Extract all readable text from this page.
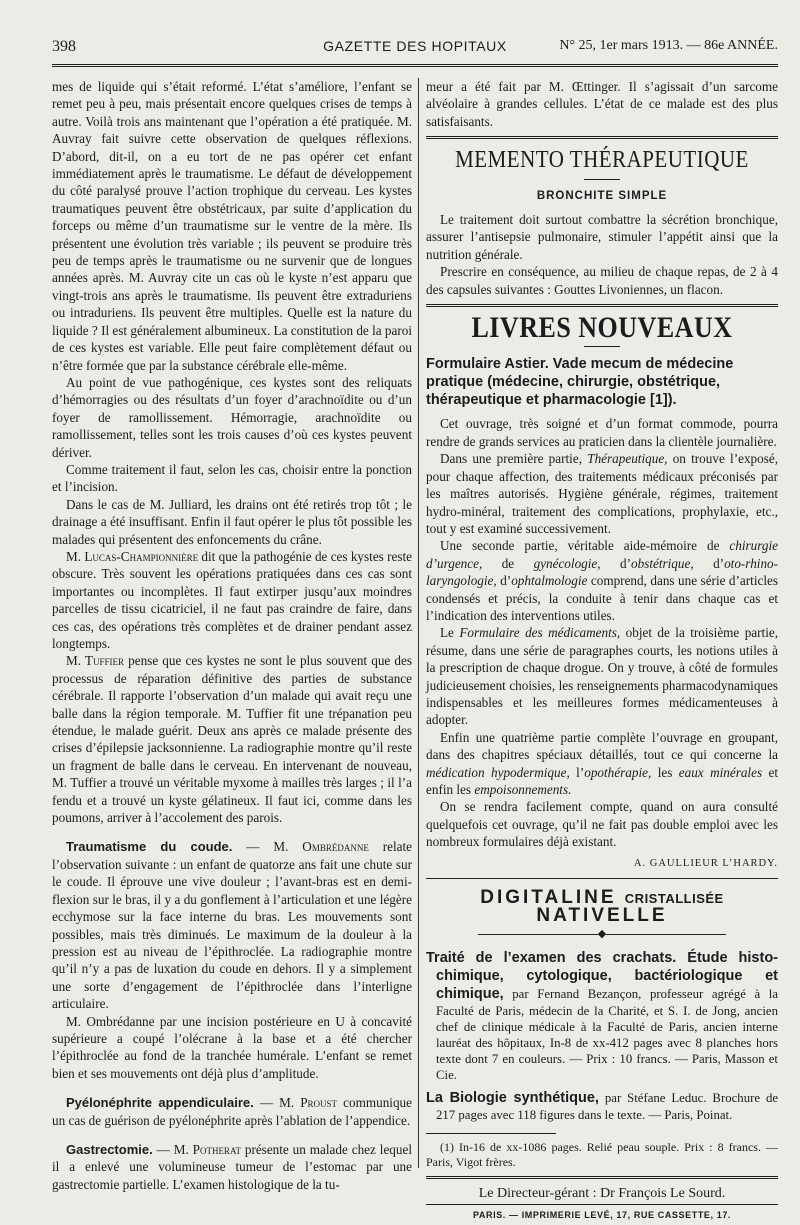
398	GAZETTE DES HOPITAUX	N° 25, 1er mars 1913. — 86e ANNÉE.

mes de liquide qui s’était reformé. L’état s’améliore, l’enfant se remet peu à peu, mais présentait encore quelques crises de temps à autre. Voilà trois ans maintenant que l’opération a été pratiquée. M. Auvray fait suivre cette observation de quelques réflexions. D’abord, dit-il, on a eu tort de ne pas opérer cet enfant immédiatement après le traumatisme. Le défaut de développement du côté paralysé prouve l’action trophique du cerveau. Les kystes traumatiques peuvent être obstétricaux, par suite d’application du forceps ou même d’un traumatisme sur le ventre de la mère. Ils présentent une évolution très variable ; ils peuvent se produire très peu de temps après le traumatisme ou ne survenir que de longues années après. M. Auvray cite un cas où le kyste n’est apparu que vingt-trois ans après le traumatisme. Ils peuvent être extraduriens ou intraduriens. Ils peuvent être multiples. Quelle est la nature du liquide ? Il est généralement albumineux. La constitution de la paroi de ces kystes est variable. Elle peut faire complètement défaut ou n’être formée que par la substance cérébrale elle-même.

Au point de vue pathogénique, ces kystes sont des reliquats d’hémorragies ou des résultats d’un foyer d’arachnoïdite ou d’un foyer de ramollissement. Hémorragie, arachnoïdite ou ramollissement, telles sont les trois causes d’où ces kystes peuvent dériver.

Comme traitement il faut, selon les cas, choisir entre la ponction et l’incision.

Dans le cas de M. Julliard, les drains ont été retirés trop tôt ; le drainage a été insuffisant. Enfin il faut opérer le plus tôt possible les malades qui présentent des enfoncements du crâne.

M. Lucas-Championnière dit que la pathogénie de ces kystes reste obscure. Très souvent les opérations pratiquées dans ces cas sont importantes ou incomplètes. Il faut extirper jusqu’aux moindres parcelles de tissu cicatriciel, il ne faut pas craindre de faire, dans ces cas, des opérations très complètes et de drainer pendant assez longtemps.

M. Tuffier pense que ces kystes ne sont le plus souvent que des processus de réparation définitive des parties de substance cérébrale. Il rapporte l’observation d’un malade qui avait reçu une balle dans la région temporale. M. Tuffier fit une trépanation peu étendue, le malade guérit. Deux ans après ce malade présente des crises d’épilepsie jacksonnienne. La radiographie montre qu’il reste un fragment de balle dans le cerveau. En intervenant de nouveau, M. Tuffier a trouvé un véritable myxome à mailles très larges ; il l’a fendu et a trouvé un kyste gélatineux. Il faut ici, comme dans les poumons, arriver à l’accolement des parois.

Traumatisme du coude. — M. Ombrédanne relate l’observation suivante : un enfant de quatorze ans fait une chute sur le coude. Il éprouve une vive douleur ; l’avant-bras est en demi-flexion sur le bras, il y a du gonflement à l’articulation et une légère ecchymose sur la face interne du bras. Les mouvements sont possibles, mais très diminués. Le maximum de la douleur à la pression est au niveau de l’épithroclée. La radiographie montre qu’il n’y a pas de luxation du coude en dehors. Il y a simplement une sorte d’engagement de l’épithroclée dans l’interligne articulaire.

M. Ombrédanne par une incision postérieure en U à concavité supérieure a coupé l’olécrane à la base et a été chercher l’épithroclée au fond de la tranchée humérale. L’enfant se remet bien et ses mouvements ont déjà plus d’amplitude.

Pyélonéphrite appendiculaire. — M. Proust communique un cas de guérison de pyélonéphrite après l’ablation de l’appendice.

Gastrectomie. — M. Potherat présente un malade chez lequel il a enlevé une volumineuse tumeur de l’estomac par une gastrectomie partielle. L’examen histologique de la tu-

meur a été fait par M. Œttinger. Il s’agissait d’un sarcome alvéolaire à grandes cellules. L’état de ce malade est des plus satisfaisants.

MEMENTO THÉRAPEUTIQUE
BRONCHITE SIMPLE

Le traitement doit surtout combattre la sécrétion bronchique, assurer l’antisepsie pulmonaire, stimuler l’appétit ainsi que la nutrition générale.

Prescrire en conséquence, au milieu de chaque repas, de 2 à 4 des capsules suivantes : Gouttes Livoniennes, un flacon.

LIVRES NOUVEAUX

Formulaire Astier. Vade mecum de médecine pratique (médecine, chirurgie, obstétrique, thérapeutique et pharmacologie [1]).

Cet ouvrage, très soigné et d’un format commode, pourra rendre de grands services au praticien dans la clientèle journalière.

Dans une première partie, Thérapeutique, on trouve l’exposé, pour chaque affection, des traitements médicaux préconisés par les maîtres autorisés. Hygiène générale, régimes, traitement hydro-minéral, traitement des complications, prophylaxie, etc., tout y est examiné successivement.

Une seconde partie, véritable aide-mémoire de chirurgie d’urgence, de gynécologie, d’obstétrique, d’oto-rhino-laryngologie, d’ophtalmologie comprend, dans une série d’articles condensés et précis, la conduite à tenir dans chaque cas et l’indication des interventions utiles.

Le Formulaire des médicaments, objet de la troisième partie, résume, dans une série de paragraphes courts, les notions utiles à la prescription de chaque drogue. On y trouve, à côté de formules judicieusement choisies, les renseignements pharmacodynamiques indispensables et les meilleures formes médicamenteuses à adopter.

Enfin une quatrième partie complète l’ouvrage en groupant, dans des chapitres spéciaux détaillés, tout ce qui concerne la médication hypodermique, l’opothérapie, les eaux minérales et enfin les empoisonnements.

On se rendra facilement compte, quand on aura consulté quelquefois cet ouvrage, qu’il ne fait pas double emploi avec les nombreux formulaires déjà existant.

A. GAULLIEUR L’HARDY.
DIGITALINE CRISTALLISÉE NATIVELLE
◆

Traité de l’examen des crachats. Étude histo-chimique, cytologique, bactériologique et chimique, par Fernand Bezançon, professeur agrégé à la Faculté de Paris, médecin de la Charité, et S. I. de Jong, ancien chef de clinique médicale à la Faculté de Paris, ancien interne lauréat des hôpitaux, In-8 de xx-412 pages avec 8 planches hors texte dont 7 en couleurs. — Prix : 10 francs. — Paris, Masson et Cie.

La Biologie synthétique, par Stéfane Leduc. Brochure de 217 pages avec 118 figures dans le texte. — Paris, Poinat.

(1) In-16 de xx-1086 pages. Relié peau souple. Prix : 8 francs. — Paris, Vigot frères.

Le Directeur-gérant : Dr François Le Sourd.
PARIS. — IMPRIMERIE LEVÉ, 17, RUE CASSETTE, 17.
